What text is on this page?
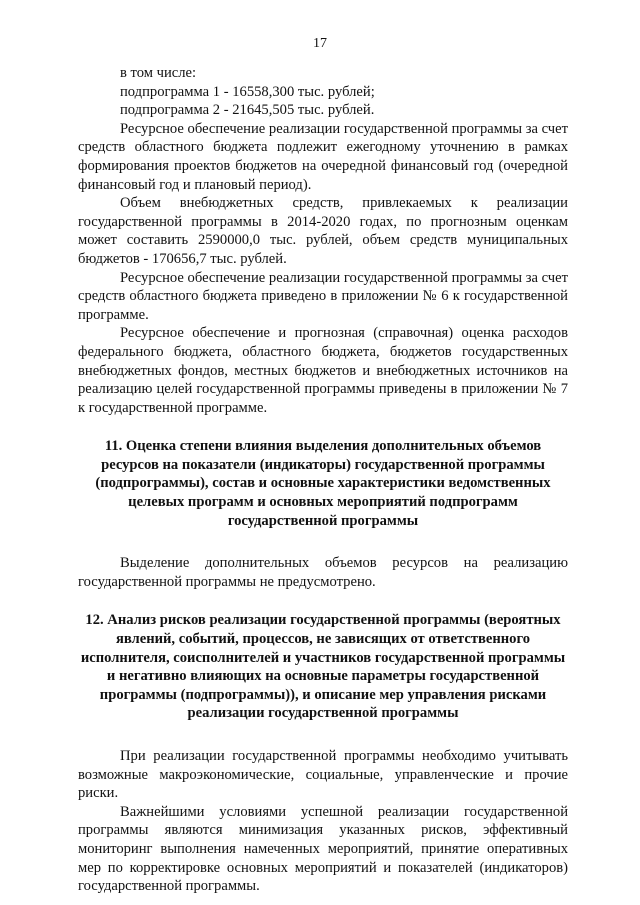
17

в том числе:

подпрограмма 1 - 16558,300 тыс. рублей;

подпрограмма 2 - 21645,505 тыс. рублей.

Ресурсное обеспечение реализации государственной программы за счет средств областного бюджета подлежит ежегодному уточнению в рамках формирования проектов бюджетов на очередной финансовый год (очередной финансовый год и плановый период).

Объем внебюджетных средств, привлекаемых к реализации государственной программы в 2014-2020 годах, по прогнозным оценкам может составить 2590000,0 тыс. рублей, объем средств муниципальных бюджетов - 170656,7 тыс. рублей.

Ресурсное обеспечение реализации государственной программы за счет средств областного бюджета приведено в приложении № 6 к государственной программе.

Ресурсное обеспечение и прогнозная (справочная) оценка расходов федерального бюджета, областного бюджета, бюджетов государственных внебюджетных фондов, местных бюджетов и внебюджетных источников на реализацию целей государственной программы приведены в приложении № 7 к государственной программе.

11. Оценка степени влияния выделения дополнительных объемов ресурсов на показатели (индикаторы) государственной программы (подпрограммы), состав и основные характеристики ведомственных целевых программ и основных мероприятий подпрограмм государственной программы

Выделение дополнительных объемов ресурсов на реализацию государственной программы не предусмотрено.

12. Анализ рисков реализации государственной программы (вероятных явлений, событий, процессов, не зависящих от ответственного исполнителя, соисполнителей и участников государственной программы и негативно влияющих на основные параметры государственной программы (подпрограммы)), и описание мер управления рисками реализации государственной программы

При реализации государственной программы необходимо учитывать возможные макроэкономические, социальные, управленческие и прочие риски.

Важнейшими условиями успешной реализации государственной программы являются минимизация указанных рисков, эффективный мониторинг выполнения намеченных мероприятий, принятие оперативных мер по корректировке основных мероприятий и показателей (индикаторов) государственной программы.
